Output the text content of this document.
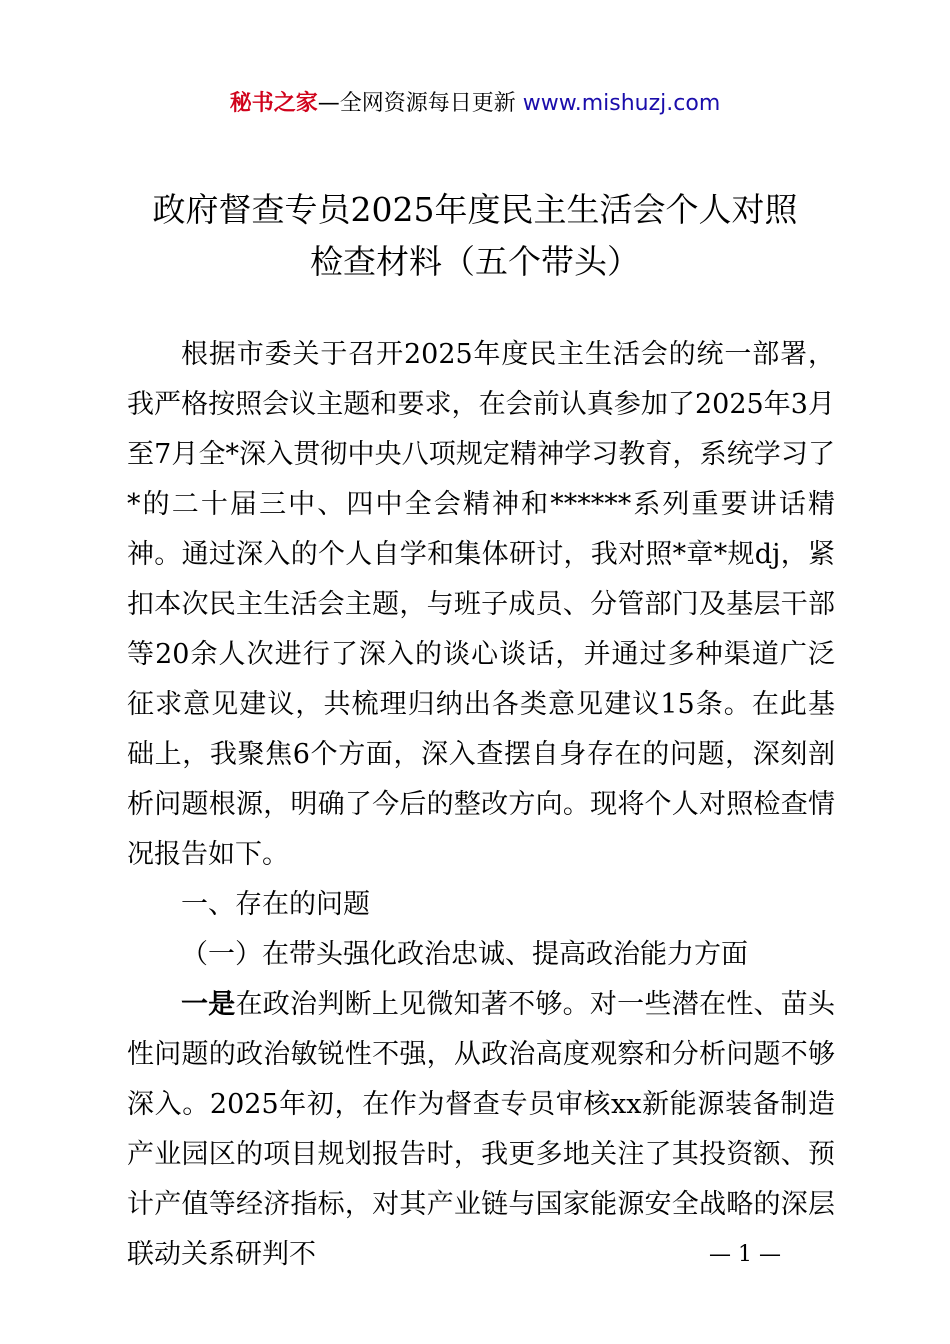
秘书之家—全网资源每日更新 www.mishuzj.com
政府督查专员2025年度民主生活会个人对照
检查材料（五个带头）

根据市委关于召开2025年度民主生活会的统一部署，我严格按照会议主题和要求，在会前认真参加了2025年3月至7月全*深入贯彻中央八项规定精神学习教育，系统学习了*的二十届三中、四中全会精神和******系列重要讲话精神。通过深入的个人自学和集体研讨，我对照*章*规dj，紧扣本次民主生活会主题，与班子成员、分管部门及基层干部等20余人次进行了深入的谈心谈话，并通过多种渠道广泛征求意见建议，共梳理归纳出各类意见建议15条。在此基础上，我聚焦6个方面，深入查摆自身存在的问题，深刻剖析问题根源，明确了今后的整改方向。现将个人对照检查情况报告如下。

一、存在的问题

（一）在带头强化政治忠诚、提高政治能力方面

一是在政治判断上见微知著不够。对一些潜在性、苗头性问题的政治敏锐性不强，从政治高度观察和分析问题不够深入。2025年初，在作为督查专员审核xx新能源装备制造产业园区的项目规划报告时，我更多地关注了其投资额、预计产值等经济指标，对其产业链与国家能源安全战略的深层联动关系研判不	— 1 —
